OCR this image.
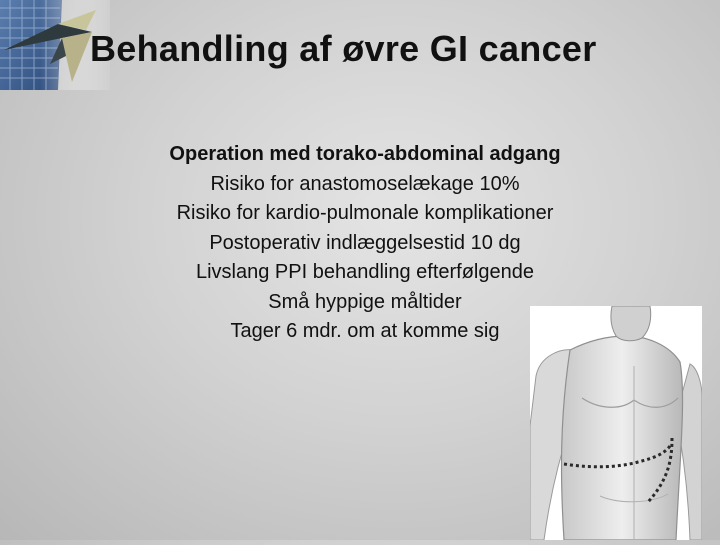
Behandling af øvre GI cancer
Operation med torako-abdominal adgang
Risiko for anastomoselækage 10%
Risiko for kardio-pulmonale komplikationer
Postoperativ indlæggelsestid 10 dg
Livslang PPI behandling efterfølgende
Små hyppige måltider
Tager 6 mdr. om at komme sig
